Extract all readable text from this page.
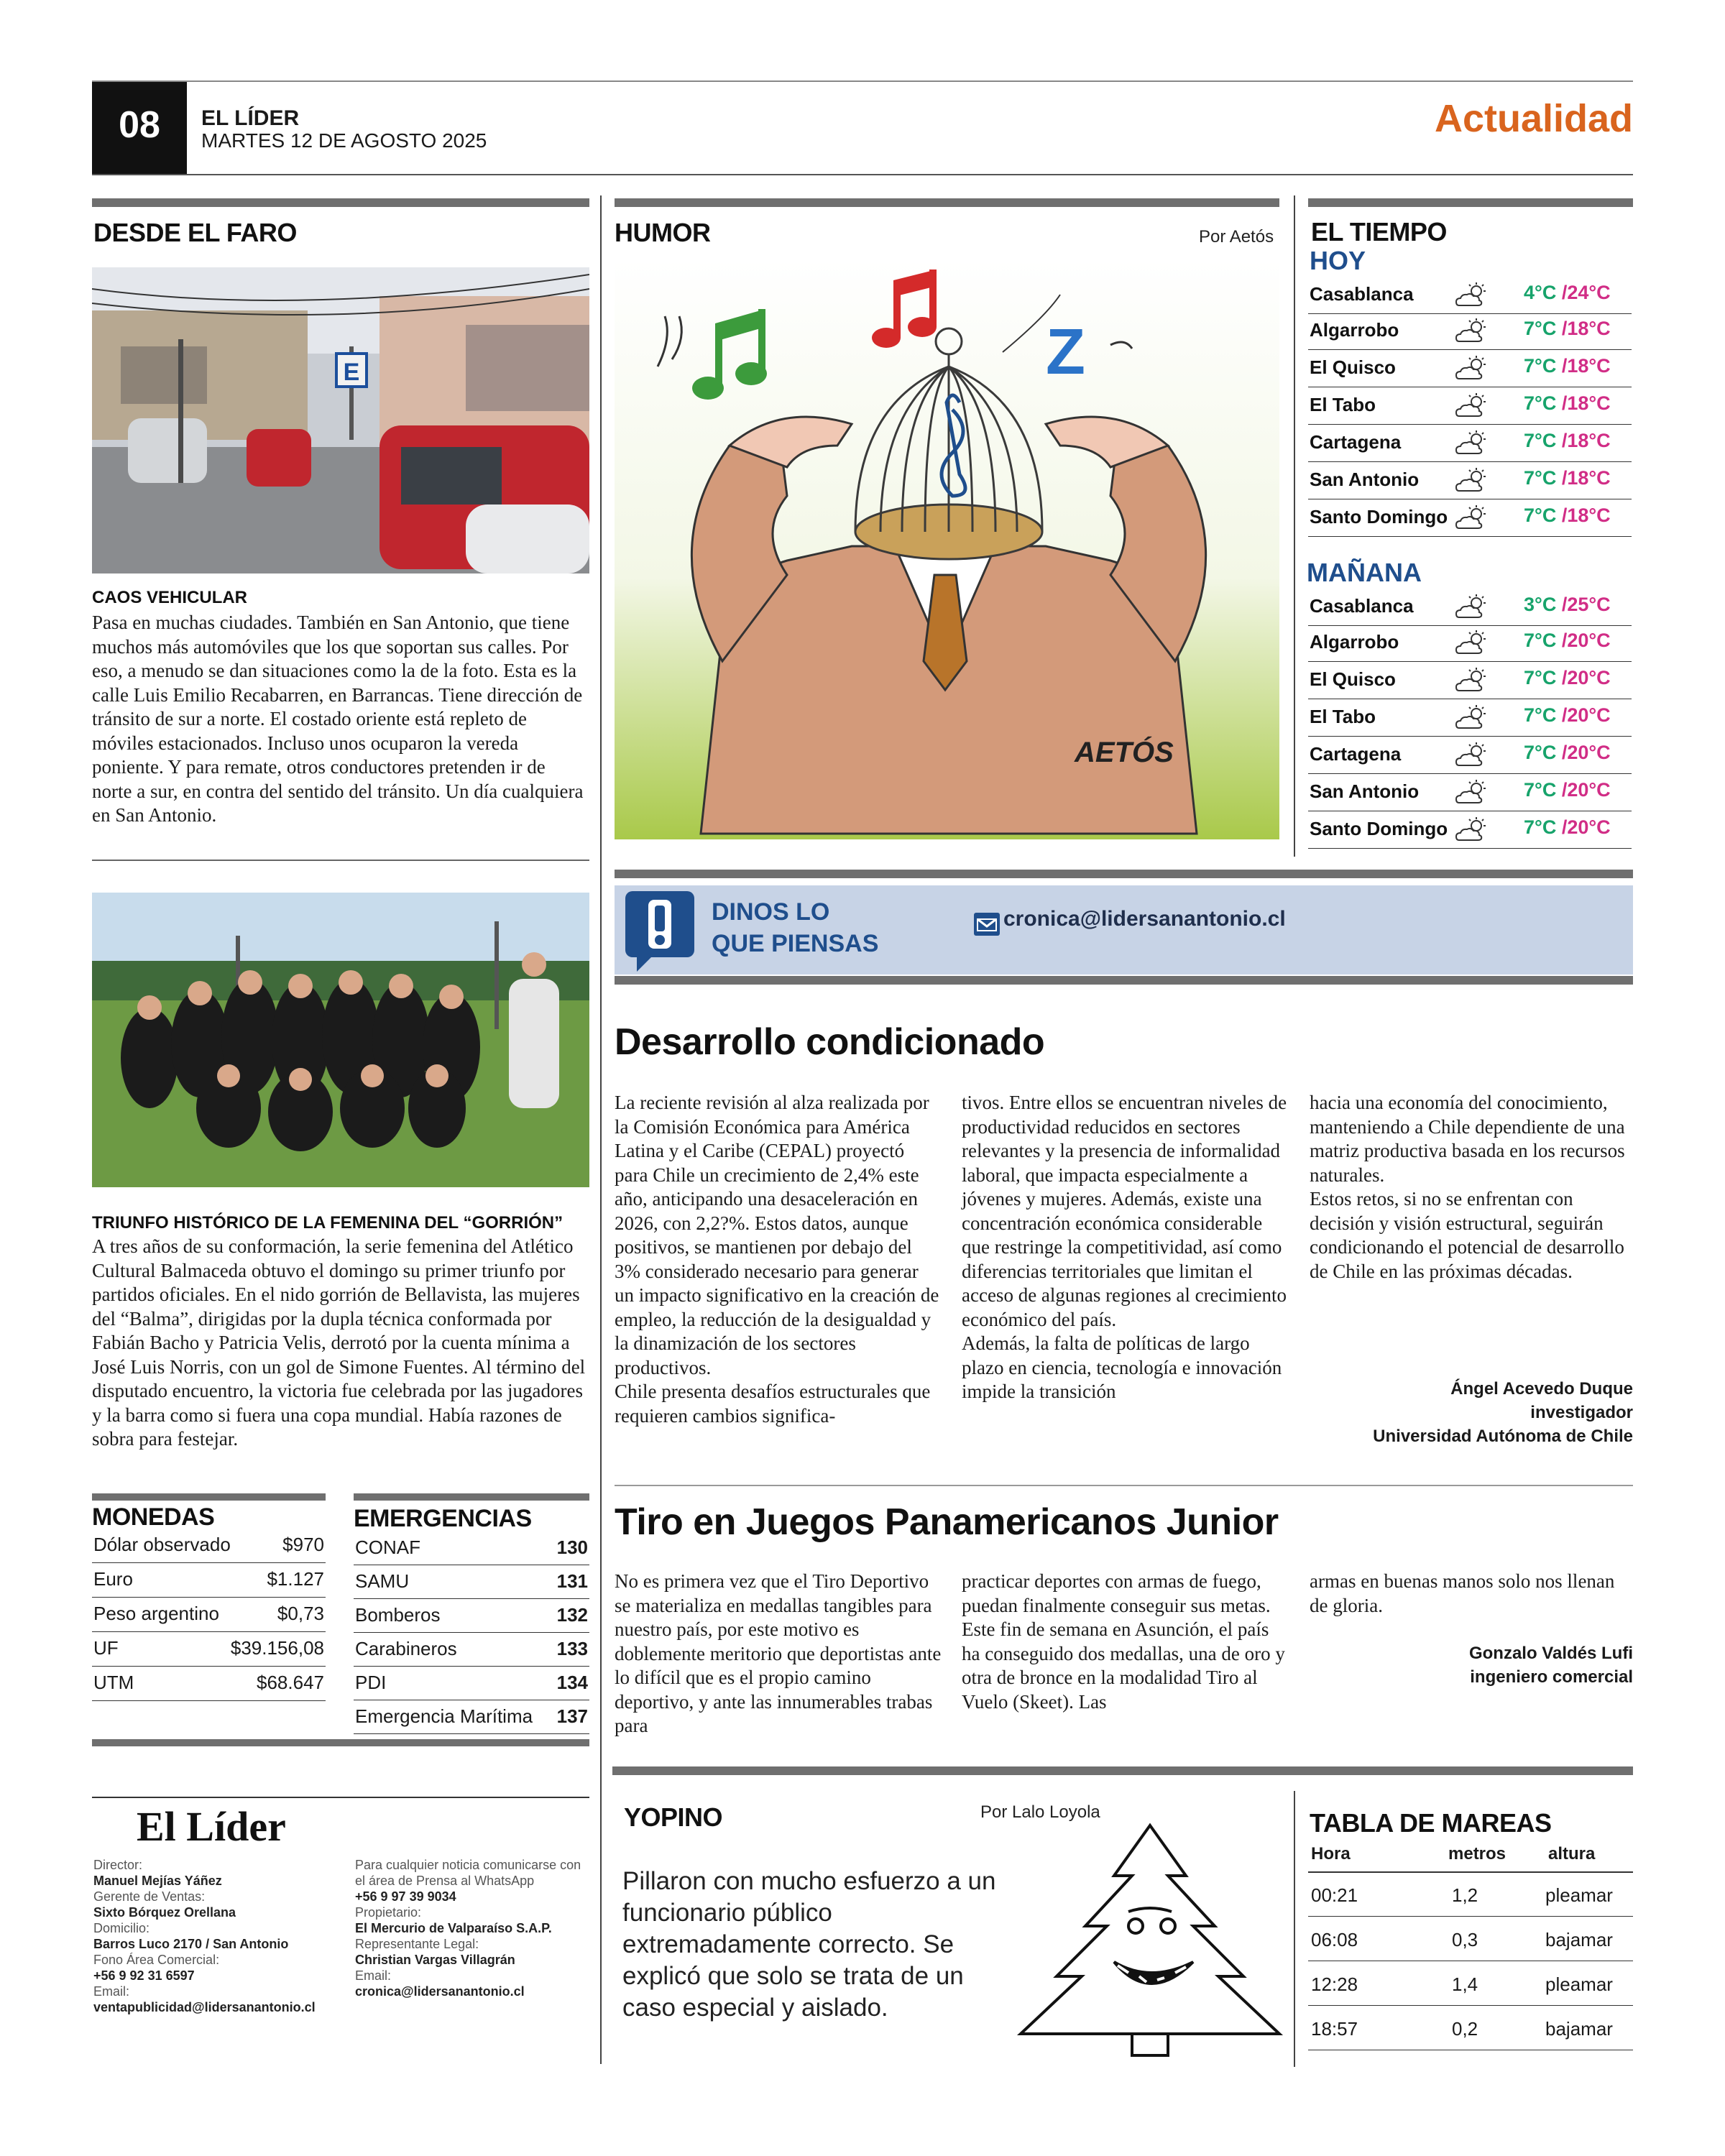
08	EL LÍDER
MARTES 12 DE AGOSTO 2025
Actualidad
DESDE EL FARO
E
CAOS VEHICULAR
Pasa en muchas ciudades. También en San Antonio, que tiene muchos más automóviles que los que soportan sus calles. Por eso, a menudo se dan situaciones como la de la foto. Esta es la calle Luis Emilio Recabarren, en Barrancas. Tiene dirección de tránsito de sur a norte. El costado oriente está repleto de móviles estacionados. Incluso unos ocuparon la vereda poniente. Y para remate, otros conductores pretenden ir de norte a sur, en contra del sentido del tránsito. Un día cualquiera en San Antonio.
TRIUNFO HISTÓRICO DE LA FEMENINA DEL “GORRIÓN”
A tres años de su conformación, la serie femenina del Atlético Cultural Balmaceda obtuvo el domingo su primer triunfo por partidos oficiales. En el nido gorrión de Bellavista, las mujeres del “Balma”, dirigidas por la dupla técnica conformada por Fabián Bacho y Patricia Velis, derrotó por la cuenta mínima a José Luis Norris, con un gol de Simone Fuentes. Al término del disputado encuentro, la victoria fue celebrada por las jugadores y la barra como si fuera una copa mundial. Había razones de sobra para festejar.
MONEDAS
Dólar observado	$970
Euro	$1.127
Peso argentino	$0,73
UF	$39.156,08
UTM	$68.647
EMERGENCIAS
CONAF	130
SAMU	131
Bomberos	132
Carabineros	133
PDI	134
Emergencia Marítima 137
El Líder
Director:
Manuel Mejías Yáñez
Gerente de Ventas:
Sixto Bórquez Orellana
Domicilio:
Barros Luco 2170 / San Antonio
Fono Área Comercial:
+56 9 92 31 6597
Email:
ventapublicidad@lidersanantonio.cl
Para cualquier noticia comunicarse con el área de Prensa al WhatsApp
+56 9 97 39 9034
Propietario:
El Mercurio de Valparaíso S.A.P.
Representante Legal:
Christian Vargas Villagrán
Email:
cronica@lidersanantonio.cl
HUMOR	Por Aetós
Z
AETÓS
EL TIEMPO
HOY
Casablanca	4°C /24°C
Algarrobo	7°C /18°C
El Quisco	7°C /18°C
El Tabo	7°C /18°C
Cartagena	7°C /18°C
San Antonio	7°C /18°C
Santo Domingo	7°C /18°C
MAÑANA
Casablanca	3°C /25°C
Algarrobo	7°C /20°C
El Quisco	7°C /20°C
El Tabo	7°C /20°C
Cartagena	7°C /20°C
San Antonio	7°C /20°C
Santo Domingo	7°C /20°C
DINOS LO
QUE PIENSAS
cronica@lidersanantonio.cl
Desarrollo condicionado
La reciente revisión al alza realizada por la Comisión Económica para América Latina y el Caribe (CEPAL) proyectó para Chile un crecimiento de 2,4% este año, anticipando una desaceleración en 2026, con 2,2?%. Estos datos, aunque positivos, se mantienen por debajo del 3% considerado necesario para generar un impacto significativo en la creación de empleo, la reducción de la desigualdad y la dinamización de los sectores productivos.
Chile presenta desafíos estructurales que requieren cambios significa-
tivos. Entre ellos se encuentran niveles de productividad reducidos en sectores relevantes y la presencia de informalidad laboral, que impacta especialmente a jóvenes y mujeres. Además, existe una concentración económica considerable que restringe la competitividad, así como diferencias territoriales que limitan el acceso de algunas regiones al crecimiento económico del país.
Además, la falta de políticas de largo plazo en ciencia, tecnología e innovación impide la transición
hacia una economía del conocimiento, manteniendo a Chile dependiente de una matriz productiva basada en los recursos naturales.
Estos retos, si no se enfrentan con decisión y visión estructural, seguirán condicionando el potencial de desarrollo de Chile en las próximas décadas.
Ángel Acevedo Duque
investigador
Universidad Autónoma de Chile
Tiro en Juegos Panamericanos Junior
No es primera vez que el Tiro Deportivo se materializa en medallas tangibles para nuestro país, por este motivo es doblemente meritorio que deportistas ante lo difícil que es el propio camino deportivo, y ante las innumerables trabas para
practicar deportes con armas de fuego, puedan finalmente conseguir sus metas.
Este fin de semana en Asunción, el país ha conseguido dos medallas, una de oro y otra de bronce en la modalidad Tiro al Vuelo (Skeet). Las
armas en buenas manos solo nos llenan de gloria.
Gonzalo Valdés Lufi
ingeniero comercial
YOPINO	Por Lalo Loyola
Pillaron con mucho esfuerzo a un funcionario público extremadamente correcto. Se explicó que solo se trata de un caso especial y aislado.
TABLA DE MAREAS
Hora	metros altura
00:21	1,2	pleamar
06:08	0,3	bajamar
12:28	1,4	pleamar
18:57	0,2	bajamar
